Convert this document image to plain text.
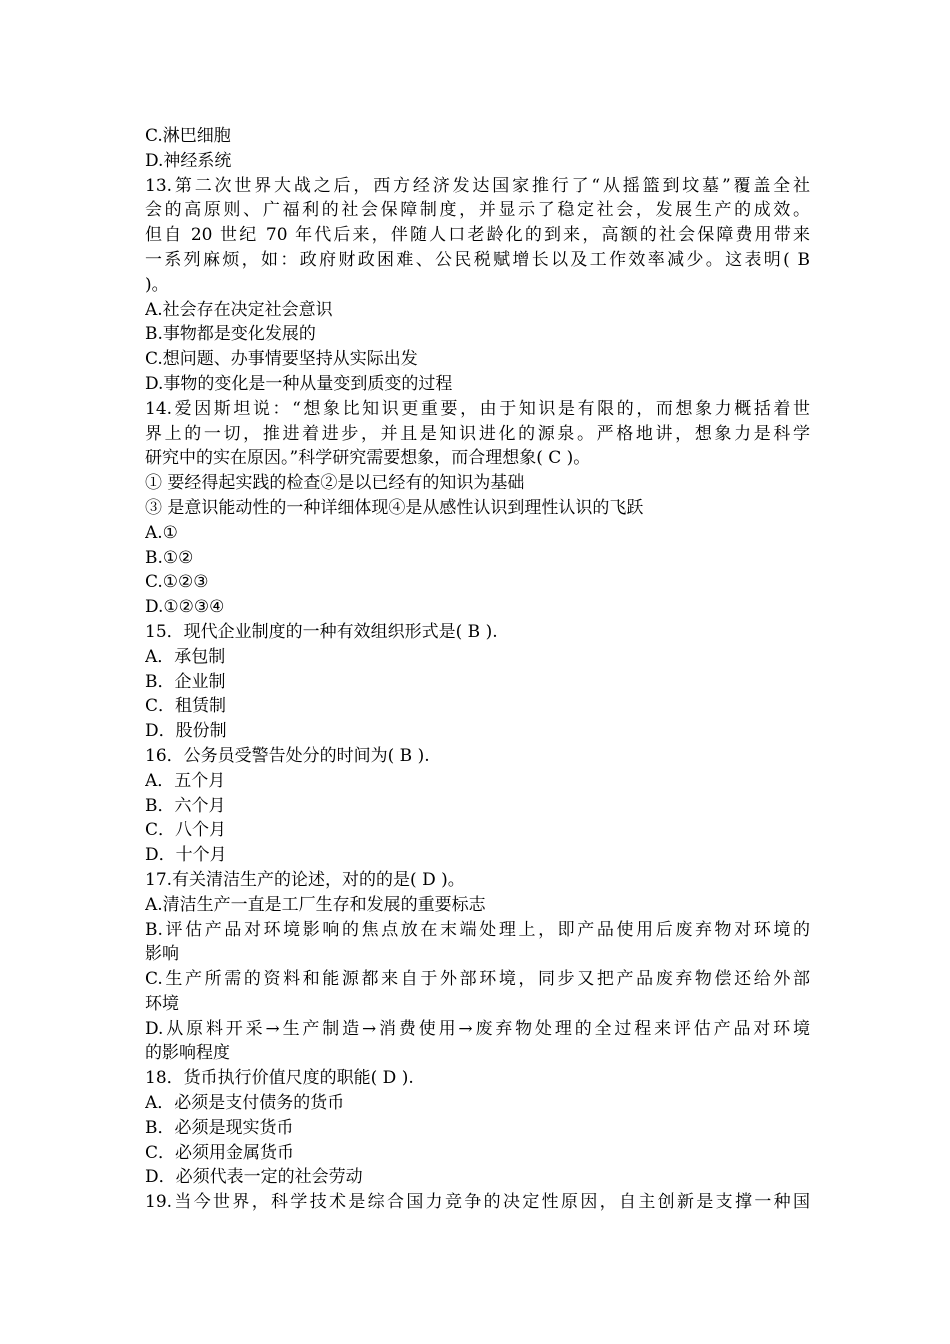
C.淋巴细胞
D.神经系统
13.第二次世界大战之后，西方经济发达国家推行了“从摇篮到坟墓”覆盖全社
会的高原则、广福利的社会保障制度，并显示了稳定社会，发展生产的成效。
但自 20 世纪 70 年代后来，伴随人口老龄化的到来，高额的社会保障费用带来
一系列麻烦，如：政府财政困难、公民税赋增长以及工作效率减少。这表明( B
)。
A.社会存在决定社会意识
B.事物都是变化发展的
C.想问题、办事情要坚持从实际出发
D.事物的变化是一种从量变到质变的过程
14.爱因斯坦说：“想象比知识更重要，由于知识是有限的，而想象力概括着世
界上的一切，推进着进步，并且是知识进化的源泉。严格地讲，想象力是科学
研究中的实在原因。”科学研究需要想象，而合理想象( C )。
① 要经得起实践的检查②是以已经有的知识为基础
③ 是意识能动性的一种详细体现④是从感性认识到理性认识的飞跃
A.①
B.①②
C.①②③
D.①②③④
15．现代企业制度的一种有效组织形式是( B ).
A．承包制
B．企业制
C．租赁制
D．股份制
16．公务员受警告处分的时间为( B ).
A．五个月
B．六个月
C．八个月
D．十个月
17.有关清洁生产的论述，对的的是( D )。
A.清洁生产一直是工厂生存和发展的重要标志
B.评估产品对环境影响的焦点放在末端处理上，即产品使用后废弃物对环境的
影响
C.生产所需的资料和能源都来自于外部环境，同步又把产品废弃物偿还给外部
环境
D.从原料开采→生产制造→消费使用→废弃物处理的全过程来评估产品对环境
的影响程度
18．货币执行价值尺度的职能( D ).
A．必须是支付债务的货币
B．必须是现实货币
C．必须用金属货币
D．必须代表一定的社会劳动
19.当今世界，科学技术是综合国力竞争的决定性原因，自主创新是支撑一种国
